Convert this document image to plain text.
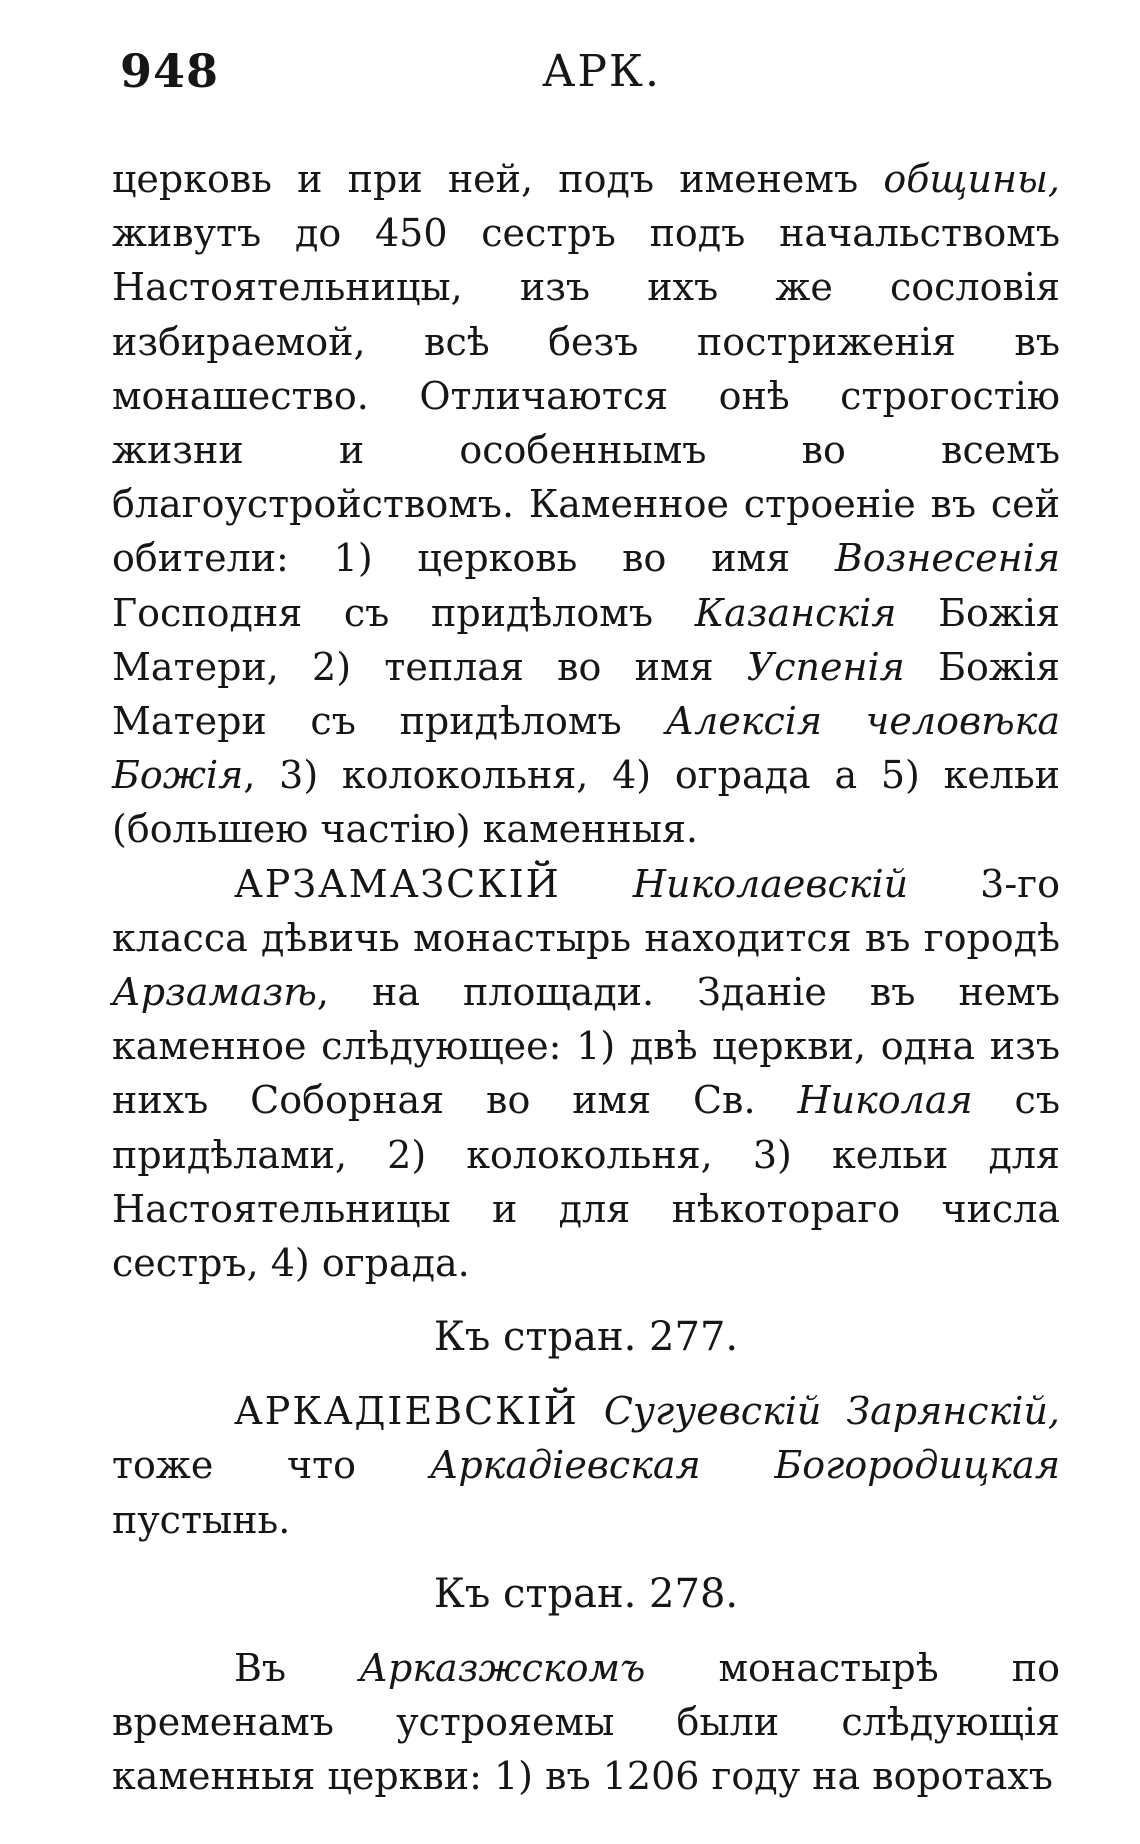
948	АРК.

церковь и при ней, подъ именемъ общины, живутъ до 450 сестръ подъ начальствомъ Настоятельницы, изъ ихъ же сословія избираемой, всѣ безъ постриженія въ монашество. Отличаются онѣ строгостію жизни и особеннымъ во всемъ благоустройствомъ. Каменное строеніе въ сей обители: 1) церковь во имя Вознесенія Господня съ придѣломъ Казанскія Божія Матери, 2) теплая во имя Успенія Божія Матери съ придѣломъ Алексія человѣка Божія, 3) колокольня, 4) ограда а 5) кельи (большею частію) каменныя.

АРЗАМАЗСКІЙ Николаевскій 3-го класса дѣвичь монастырь находится въ городѣ Арзамазѣ, на площади. Зданіе въ немъ каменное слѣдующее: 1) двѣ церкви, одна изъ нихъ Соборная во имя Св. Николая съ придѣлами, 2) колокольня, 3) кельи для Настоятельницы и для нѣкотораго числа сестръ, 4) ограда.

Къ стран. 277.

АРКАДІЕВСКІЙ Сугуевскій Зарянскій, тоже что Аркадіевская Богородицкая пустынь.

Къ стран. 278.

Въ Арказжскомъ монастырѣ по временамъ устрояемы были слѣдующія каменныя церкви: 1) въ 1206 году на воротахъ
